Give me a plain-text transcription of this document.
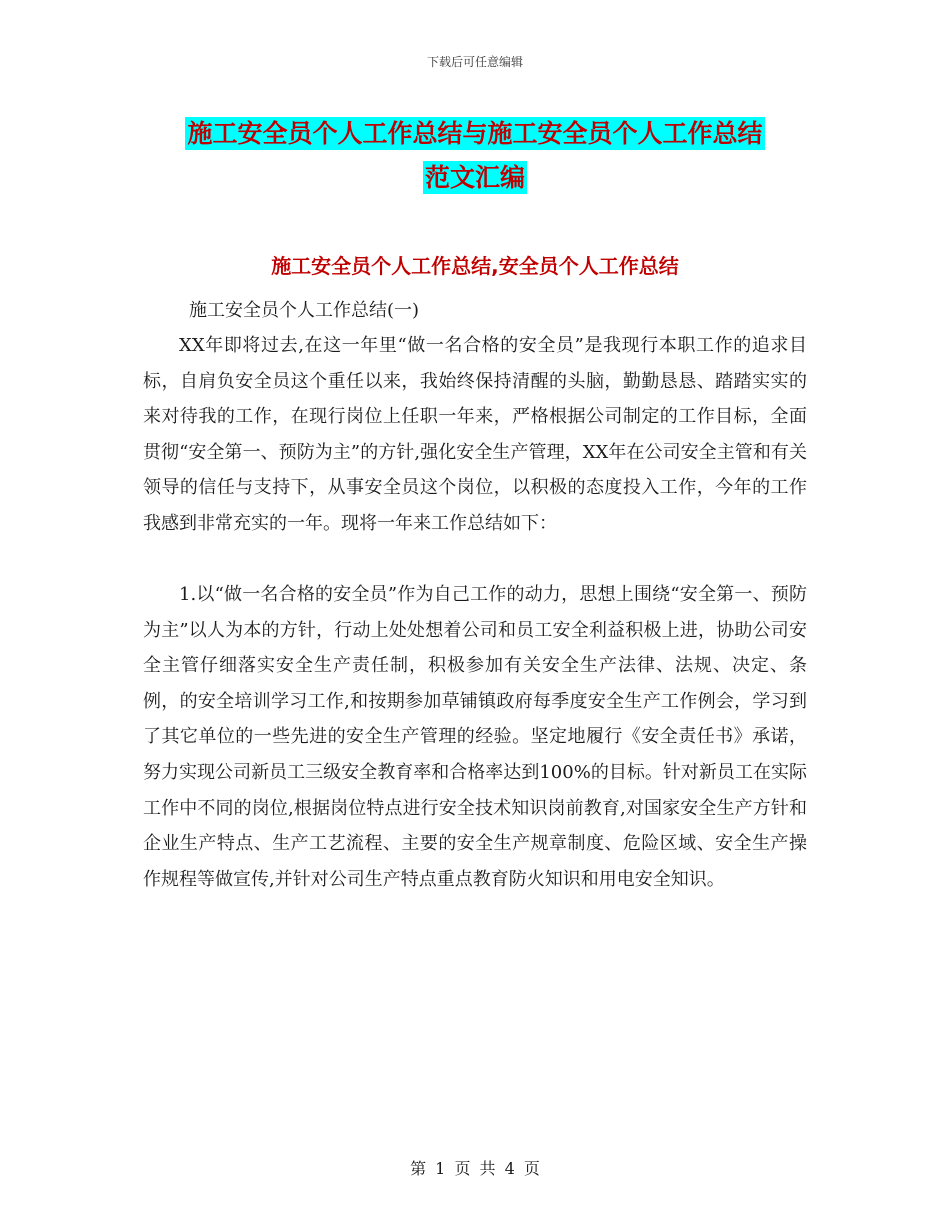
下载后可任意编辑
施工安全员个人工作总结与施工安全员个人工作总结
范文汇编
施工安全员个人工作总结,安全员个人工作总结
施工安全员个人工作总结(一)

XX年即将过去,在这一年里“做一名合格的安全员”是我现行本职工作的追求目标，自肩负安全员这个重任以来，我始终保持清醒的头脑，勤勤恳恳、踏踏实实的来对待我的工作，在现行岗位上任职一年来，严格根据公司制定的工作目标，全面贯彻“安全第一、预防为主”的方针,强化安全生产管理，XX年在公司安全主管和有关领导的信任与支持下，从事安全员这个岗位，以积极的态度投入工作，今年的工作我感到非常充实的一年。现将一年来工作总结如下：

1.以“做一名合格的安全员”作为自己工作的动力，思想上围绕“安全第一、预防为主”以人为本的方针，行动上处处想着公司和员工安全利益积极上进，协助公司安全主管仔细落实安全生产责任制，积极参加有关安全生产法律、法规、决定、条例，的安全培训学习工作,和按期参加草铺镇政府每季度安全生产工作例会，学习到了其它单位的一些先进的安全生产管理的经验。坚定地履行《安全责任书》承诺，努力实现公司新员工三级安全教育率和合格率达到100%的目标。针对新员工在实际工作中不同的岗位,根据岗位特点进行安全技术知识岗前教育,对国家安全生产方针和企业生产特点、生产工艺流程、主要的安全生产规章制度、危险区域、安全生产操作规程等做宣传,并针对公司生产特点重点教育防火知识和用电安全知识。

第 1 页 共 4 页
